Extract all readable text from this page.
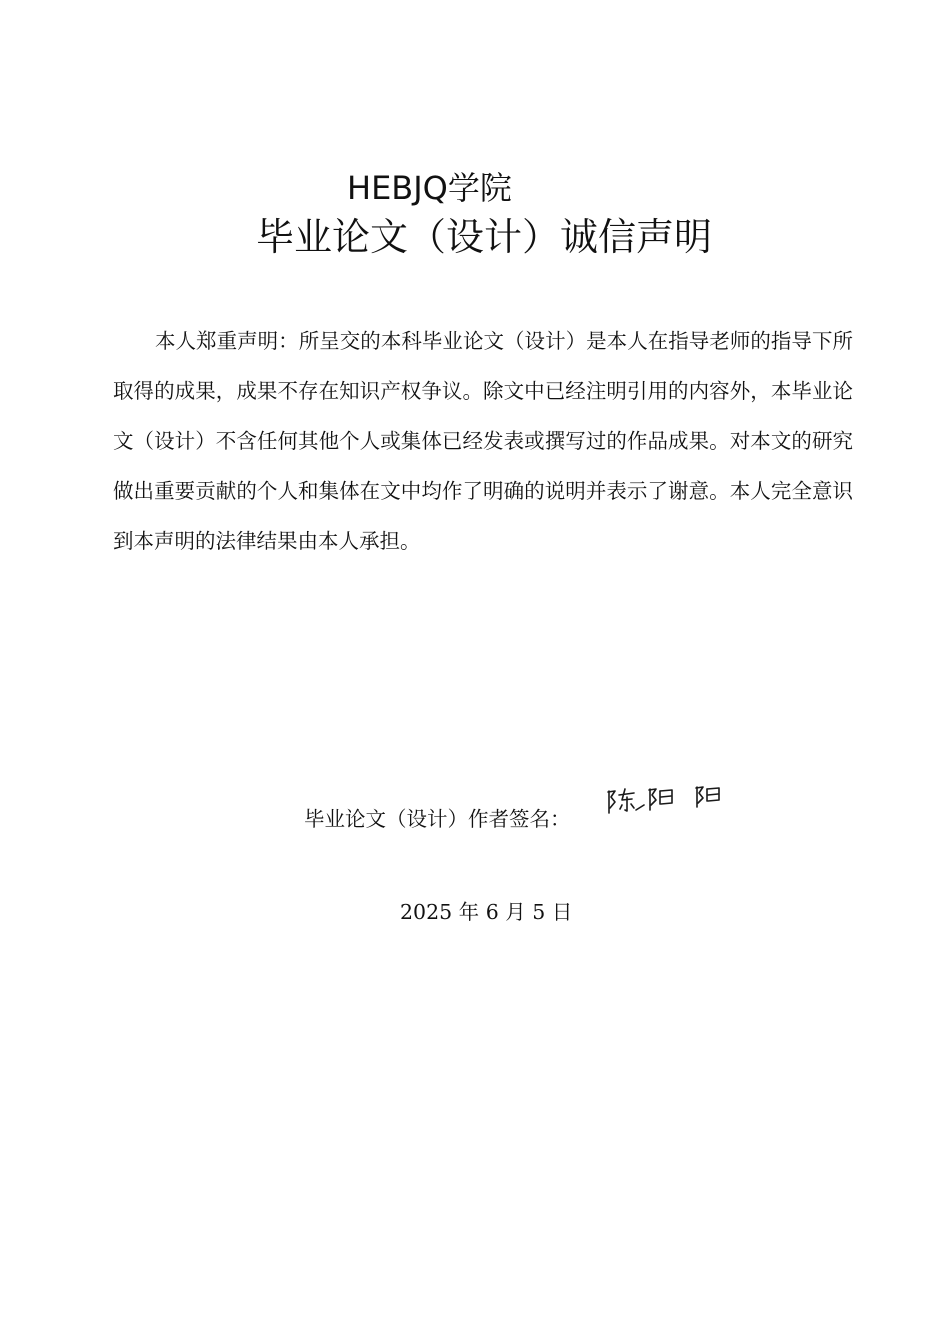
HEBJQ学院
毕业论文（设计）诚信声明
本人郑重声明：所呈交的本科毕业论文（设计）是本人在指导老师的指导下所取得的成果，成果不存在知识产权争议。除文中已经注明引用的内容外，本毕业论文（设计）不含任何其他个人或集体已经发表或撰写过的作品成果。对本文的研究做出重要贡献的个人和集体在文中均作了明确的说明并表示了谢意。本人完全意识到本声明的法律结果由本人承担。
毕业论文（设计）作者签名：
2025 年 6 月 5 日
